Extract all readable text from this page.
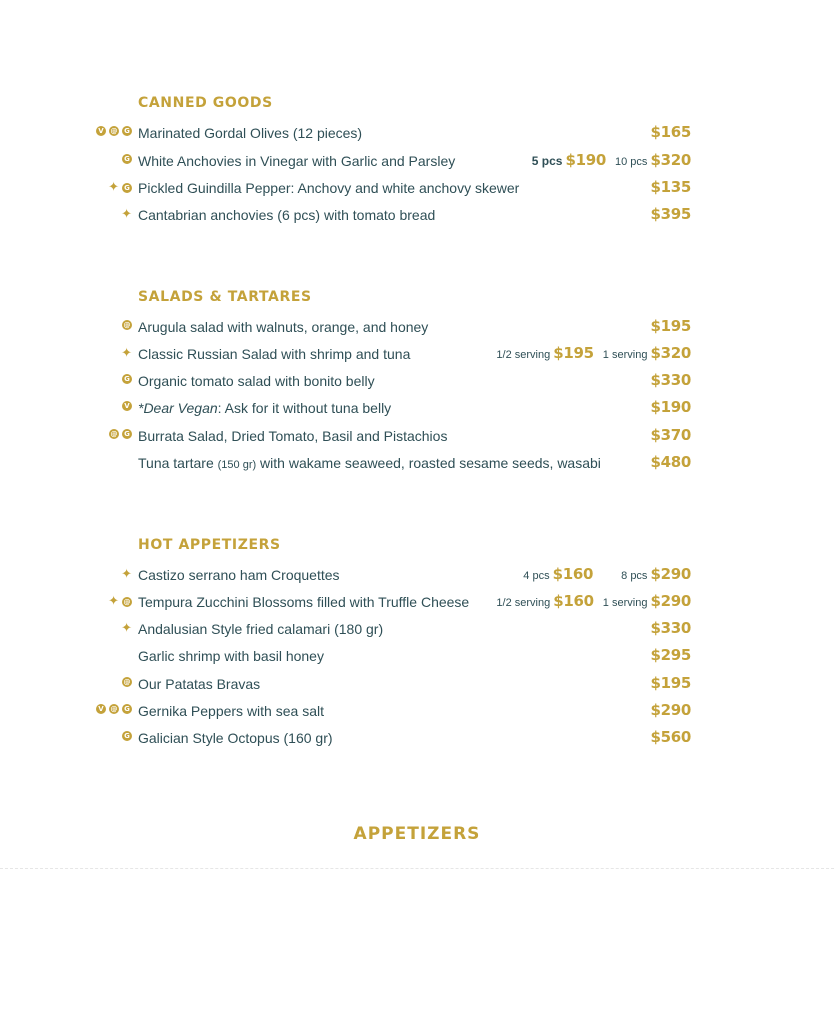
CANNED GOODS
V @ G Marinated Gordal Olives (12 pieces)	$165
G White Anchovies in Vinegar with Garlic and Parsley	5 pcs $190 10 pcs $320
✦ G Pickled Guindilla Pepper: Anchovy and white anchovy skewer	$135
✦ Cantabrian anchovies (6 pcs) with tomato bread	$395
SALADS & TARTARES
@ Arugula salad with walnuts, orange, and honey	$195
✦ Classic Russian Salad with shrimp and tuna	1/2 serving $195 1 serving $320
G Organic tomato salad with bonito belly	$330
V *Dear Vegan: Ask for it without tuna belly	$190
@ G Burrata Salad, Dried Tomato, Basil and Pistachios	$370
Tuna tartare (150 gr) with wakame seaweed, roasted sesame seeds, wasabi	$480
HOT APPETIZERS
✦ Castizo serrano ham Croquettes	4 pcs $160	8 pcs $290
✦ @ Tempura Zucchini Blossoms filled with Truffle Cheese 1/2 serving $160 1 serving $290
✦ Andalusian Style fried calamari (180 gr)	$330
Garlic shrimp with basil honey	$295
@ Our Patatas Bravas	$195
V @ G Gernika Peppers with sea salt	$290
G Galician Style Octopus (160 gr)	$560
APPETIZERS
